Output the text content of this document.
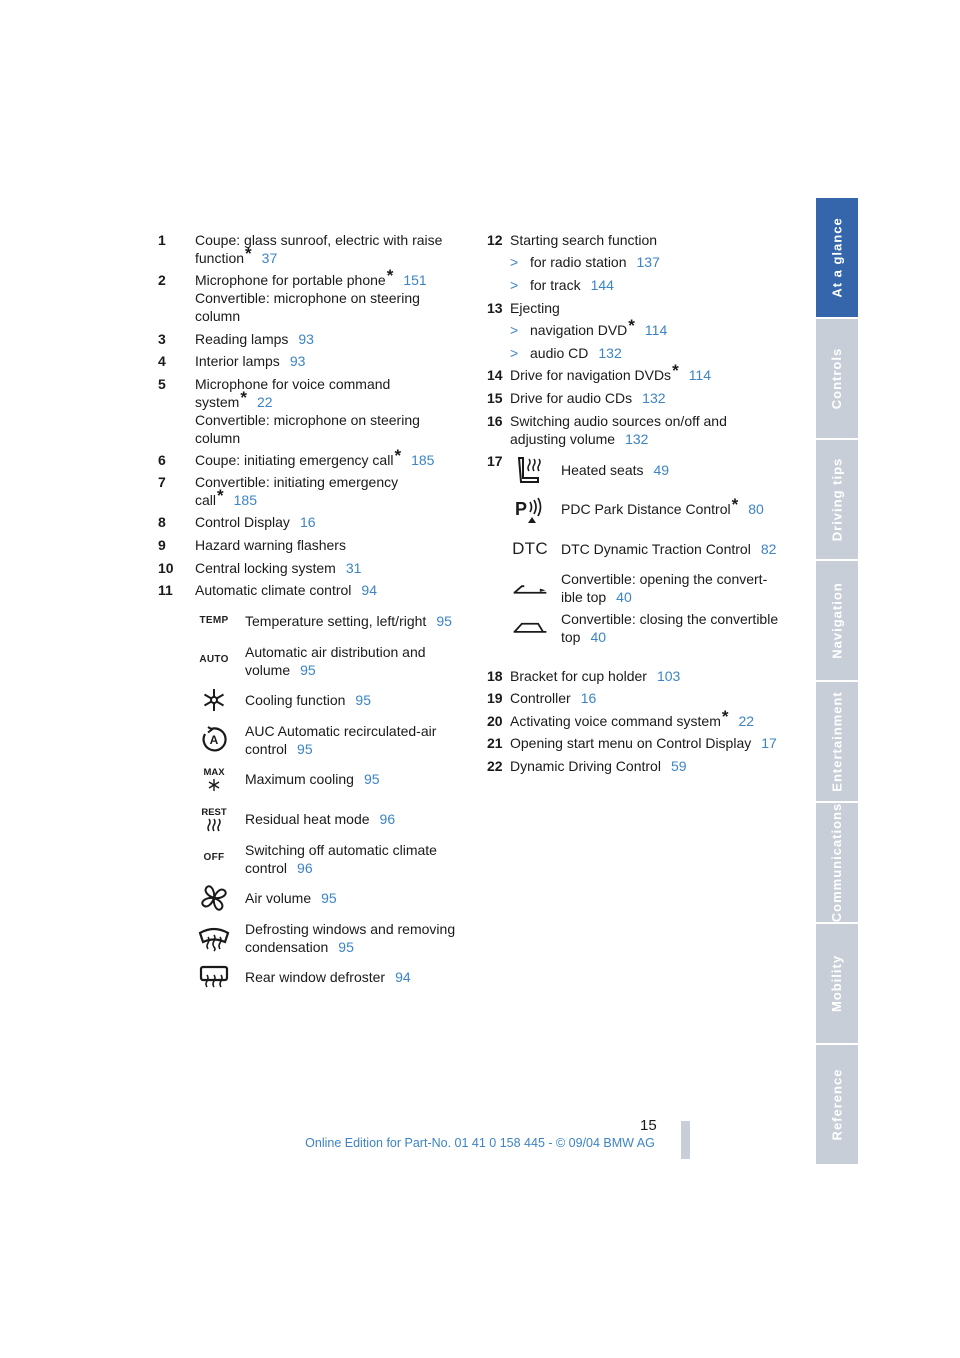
At a glance
Controls
Driving tips
Navigation
Entertainment
Communications
Mobility
Reference
1 Coupe: glass sunroof, electric with raise
function* 37
2 Microphone for portable phone* 151
Convertible: microphone on steering
column
3 Reading lamps 93
4 Interior lamps 93
5 Microphone for voice command
system* 22
Convertible: microphone on steering
column
6 Coupe: initiating emergency call* 185
7 Convertible: initiating emergency
call* 185
8 Control Display 16
9 Hazard warning flashers
10 Central locking system 31
11 Automatic climate control 94
TEMP Temperature setting, left/right 95
AUTO Automatic air distribution and
volume 95
Cooling function 95
A
AUC Automatic recirculated-air
control 95
MAX Maximum cooling 95
REST Residual heat mode 96
OFF Switching off automatic climate
control 96
Air volume 95
Defrosting windows and removing
condensation 95
Rear window defroster 94
12 Starting search function
> for radio station 137
> for track 144
13 Ejecting
> navigation DVD* 114
> audio CD 132
14 Drive for navigation DVDs* 114
15 Drive for audio CDs 132
16 Switching audio sources on/off and
adjusting volume 132
17
Heated seats 49
P PDC Park Distance Control* 80
DTC DTC Dynamic Traction Control 82
Convertible: opening the convert-
ible top 40
Convertible: closing the convertible
top 40
18 Bracket for cup holder 103
19 Controller 16
20 Activating voice command system* 22
21 Opening start menu on Control Display 17
22 Dynamic Driving Control 59
15
Online Edition for Part-No. 01 41 0 158 445 - © 09/04 BMW AG
